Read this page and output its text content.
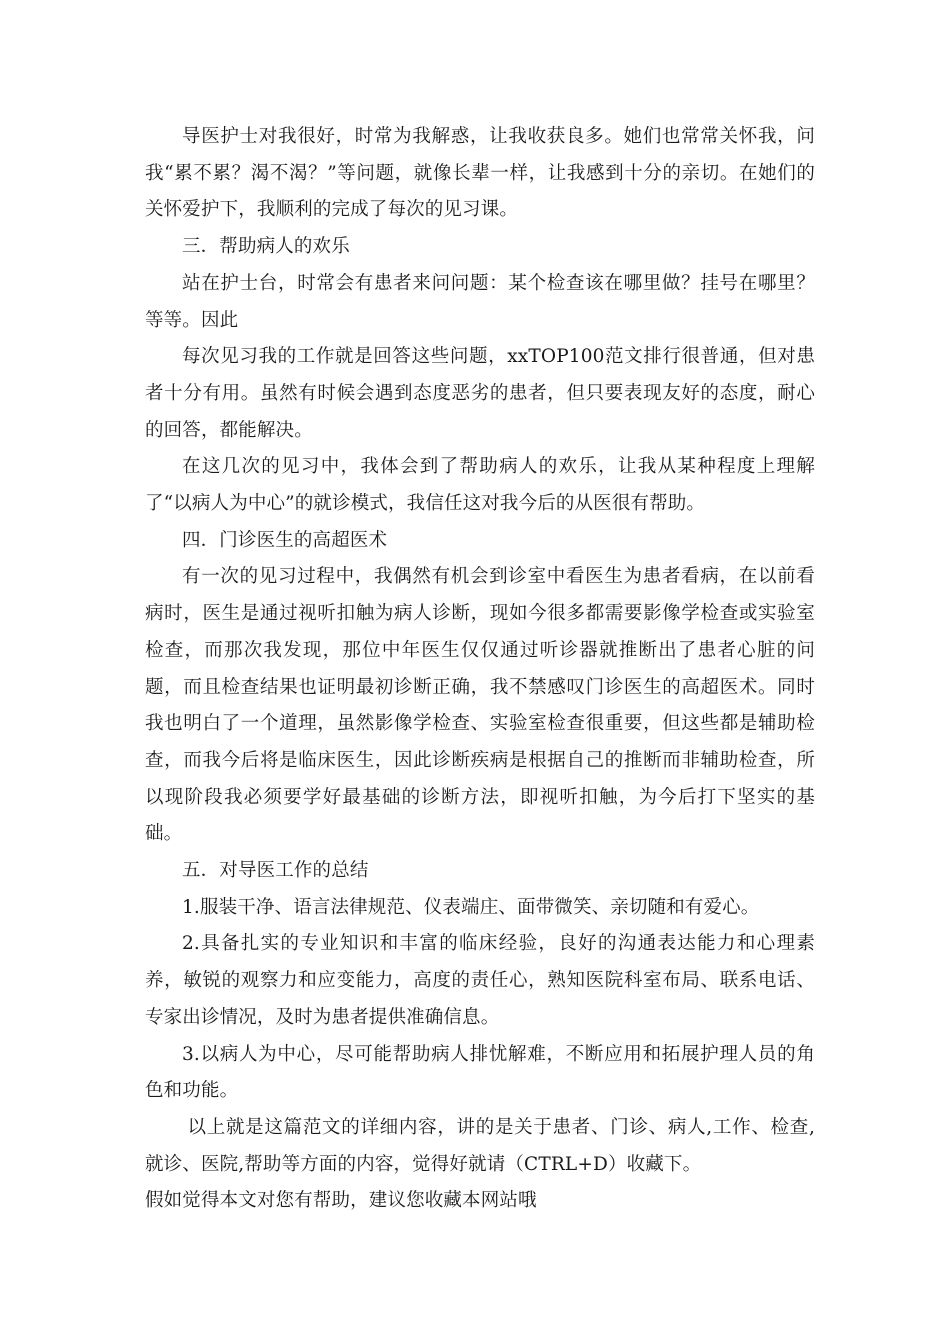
导医护士对我很好，时常为我解惑，让我收获良多。她们也常常关怀我，问我“累不累？渴不渴？”等问题，就像长辈一样，让我感到十分的亲切。在她们的关怀爱护下，我顺利的完成了每次的见习课。

三．帮助病人的欢乐

站在护士台，时常会有患者来问问题：某个检查该在哪里做？挂号在哪里？等等。因此

每次见习我的工作就是回答这些问题，xxTOP100范文排行很普通，但对患者十分有用。虽然有时候会遇到态度恶劣的患者，但只要表现友好的态度，耐心的回答，都能解决。

在这几次的见习中，我体会到了帮助病人的欢乐，让我从某种程度上理解了“以病人为中心”的就诊模式，我信任这对我今后的从医很有帮助。

四．门诊医生的高超医术

有一次的见习过程中，我偶然有机会到诊室中看医生为患者看病，在以前看病时，医生是通过视听扣触为病人诊断，现如今很多都需要影像学检查或实验室检查，而那次我发现，那位中年医生仅仅通过听诊器就推断出了患者心脏的问题，而且检查结果也证明最初诊断正确，我不禁感叹门诊医生的高超医术。同时我也明白了一个道理，虽然影像学检查、实验室检查很重要，但这些都是辅助检查，而我今后将是临床医生，因此诊断疾病是根据自己的推断而非辅助检查，所以现阶段我必须要学好最基础的诊断方法，即视听扣触，为今后打下坚实的基础。

五．对导医工作的总结

1.服装干净、语言法律规范、仪表端庄、面带微笑、亲切随和有爱心。

2.具备扎实的专业知识和丰富的临床经验，良好的沟通表达能力和心理素养，敏锐的观察力和应变能力，高度的责任心，熟知医院科室布局、联系电话、专家出诊情况，及时为患者提供准确信息。

3.以病人为中心，尽可能帮助病人排忧解难，不断应用和拓展护理人员的角色和功能。

以上就是这篇范文的详细内容，讲的是关于患者、门诊、病人,工作、检查,就诊、医院,帮助等方面的内容，觉得好就请（CTRL+D）收藏下。

假如觉得本文对您有帮助，建议您收藏本网站哦
